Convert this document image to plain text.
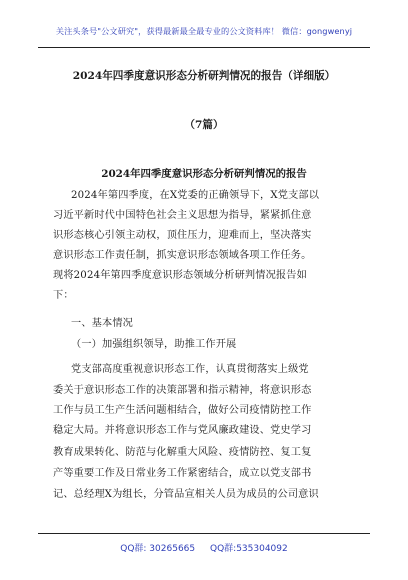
关注头条号"公文研究"，获得最新最全最专业的公文资料库！ 微信：gongwenyj
2024年四季度意识形态分析研判情况的报告（详细版）
（7篇）
2024年四季度意识形态分析研判情况的报告
2024年第四季度，在X党委的正确领导下，X党支部以
习近平新时代中国特色社会主义思想为指导，紧紧抓住意
识形态核心引领主动权，顶住压力，迎难而上，坚决落实
意识形态工作责任制，抓实意识形态领域各项工作任务。
现将2024年第四季度意识形态领域分析研判情况报告如
下：
一、基本情况
（一）加强组织领导，助推工作开展
党支部高度重视意识形态工作，认真贯彻落实上级党
委关于意识形态工作的决策部署和指示精神，将意识形态
工作与员工生产生活问题相结合，做好公司疫情防控工作
稳定大局。并将意识形态工作与党风廉政建设、党史学习
教育成果转化、防范与化解重大风险、疫情防控、复工复
产等重要工作及日常业务工作紧密结合，成立以党支部书
记、总经理X为组长，分管品宣相关人员为成员的公司意识
QQ群: 30265665 QQ群:535304092
